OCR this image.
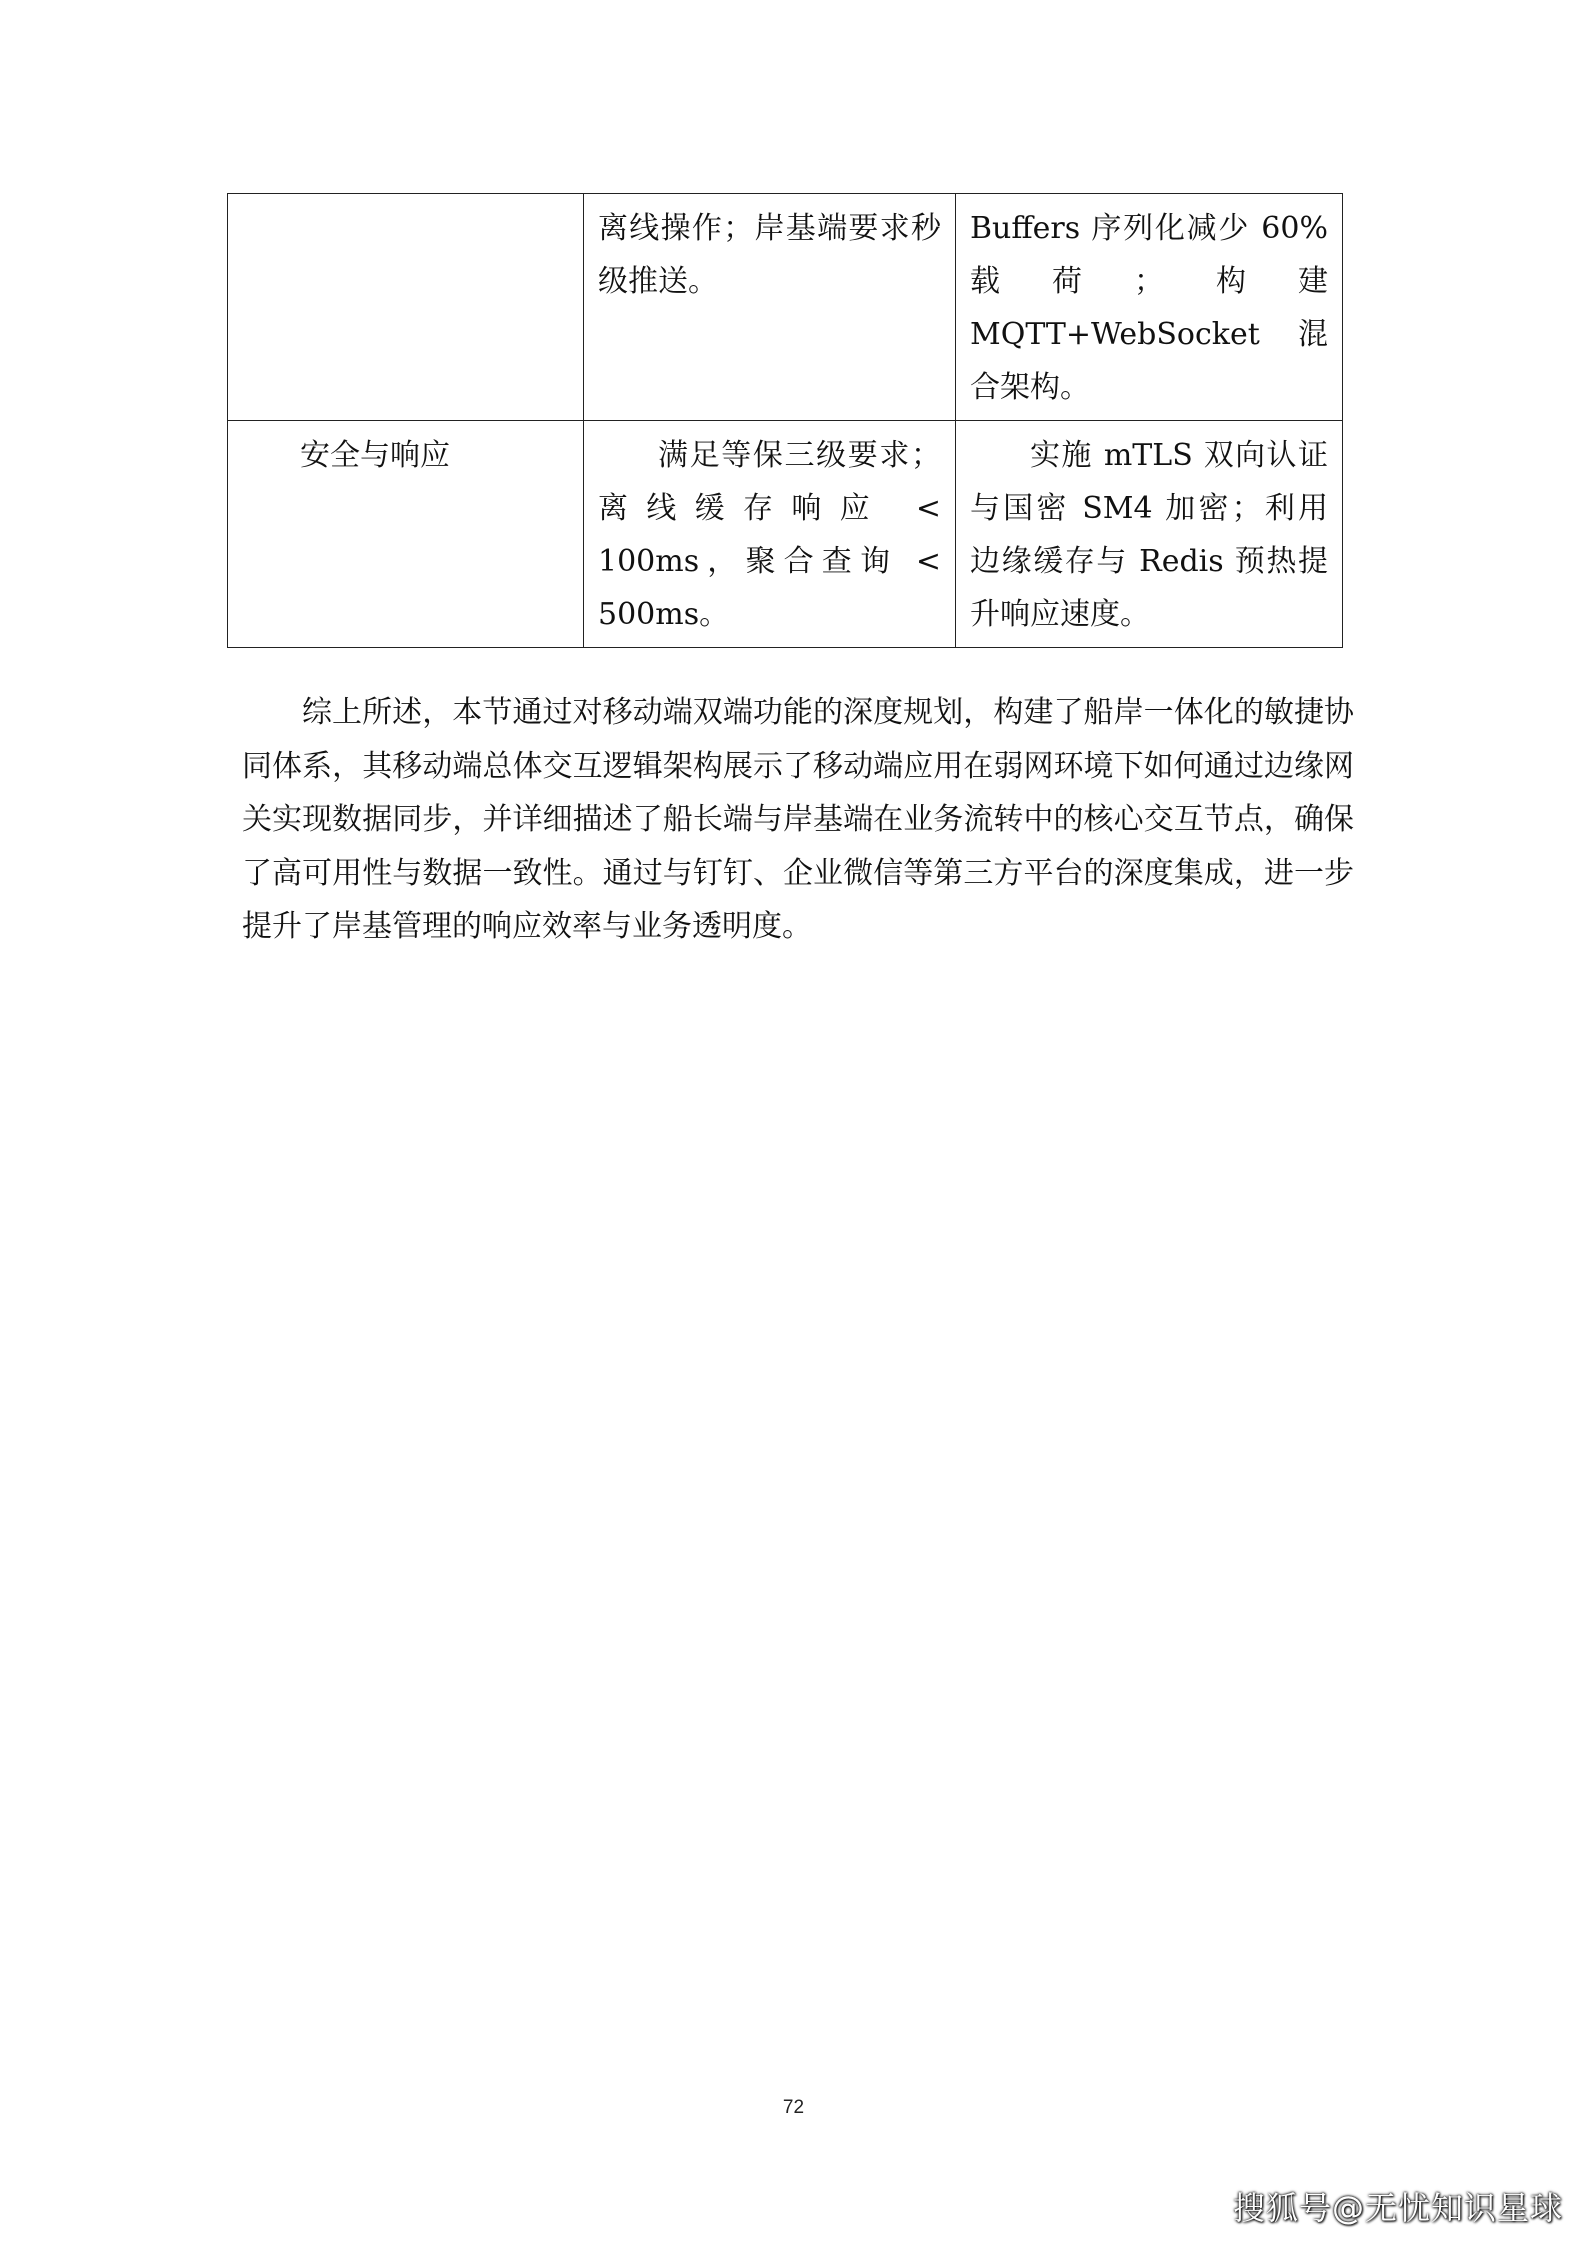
	离线操作；岸基端要求秒级推送。	Buffers 序列化减少 60% 载荷；构建 MQTT+WebSocket 混合架构。
安全与响应	满足等保三级要求；离线缓存响应 < 100ms，聚合查询 < 500ms。	实施 mTLS 双向认证与国密 SM4 加密；利用边缘缓存与 Redis 预热提升响应速度。

综上所述，本节通过对移动端双端功能的深度规划，构建了船岸一体化的敏捷协同体系，其移动端总体交互逻辑架构展示了移动端应用在弱网环境下如何通过边缘网关实现数据同步，并详细描述了船长端与岸基端在业务流转中的核心交互节点，确保了高可用性与数据一致性。通过与钉钉、企业微信等第三方平台的深度集成，进一步提升了岸基管理的响应效率与业务透明度。

72
搜狐号@无忧知识星球
